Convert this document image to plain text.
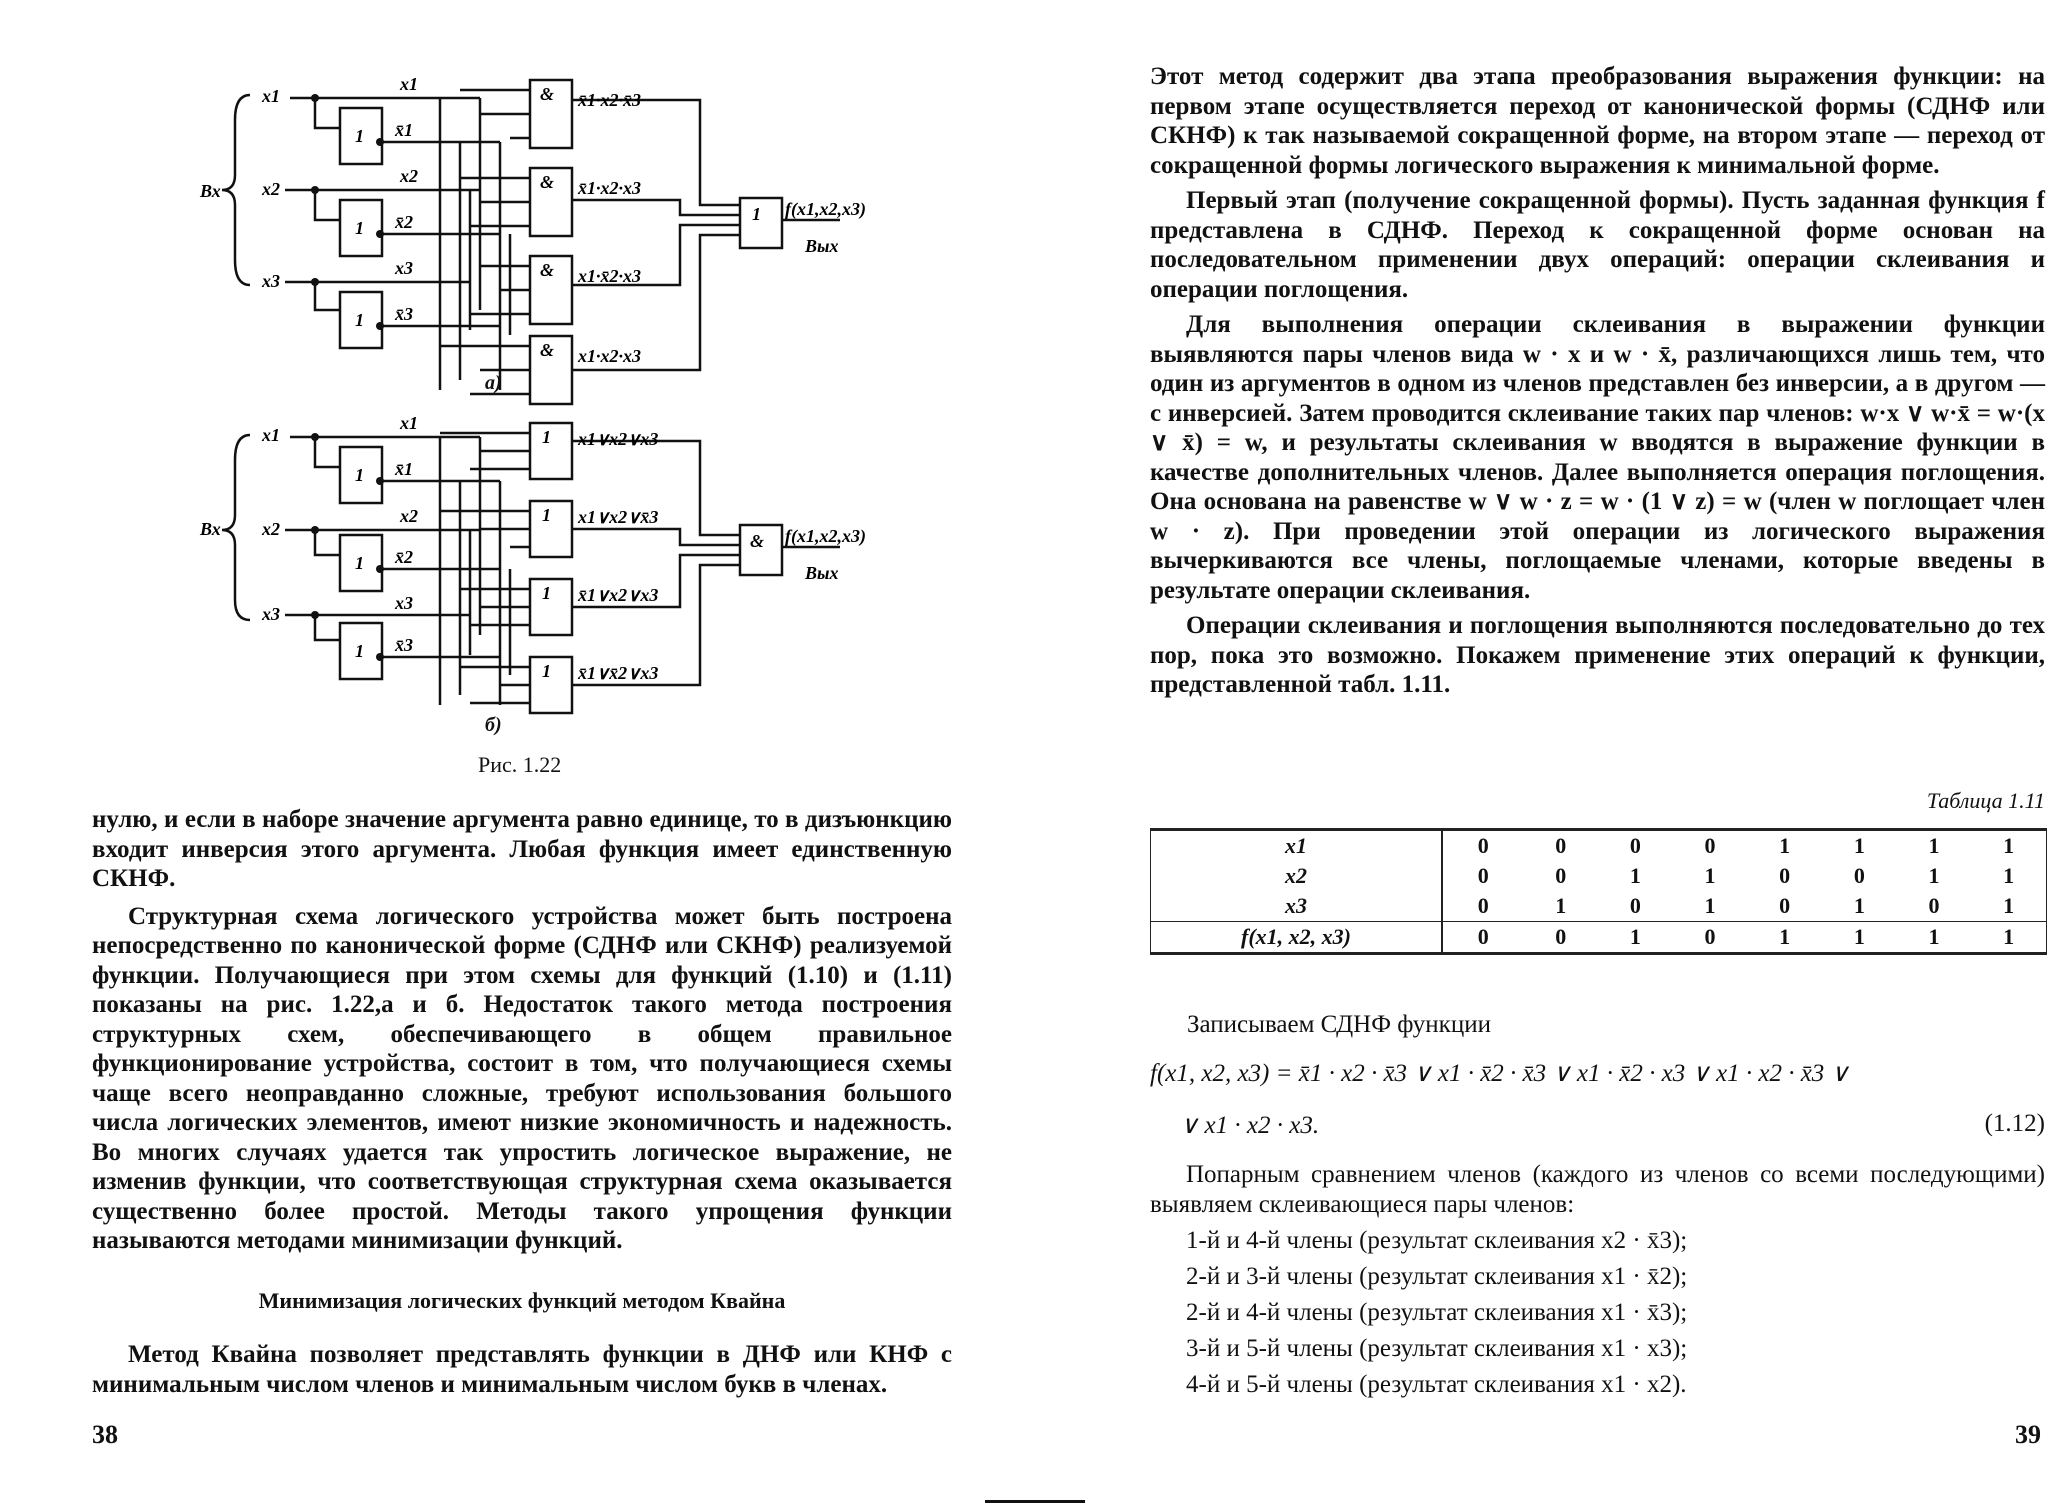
Вх
x1
x2
x3
x1
x̄1
x2
x̄2
x3
x̄3
1
1
1
&
&
&
&
x̄1·x2·x̄3
x̄1·x2·x3
x1·x̄2·x3
x1·x2·x3
1 f(x1,x2,x3)
Вых
а)
Вх
x1
x2
x3
x1
x̄1
x2
x̄2
x3
x̄3
1
1
1
1
1
1
1
x1∨x2∨x3
x1∨x2∨x̄3
x̄1∨x2∨x3
x̄1∨x̄2∨x3
& f(x1,x2,x3)
Вых
б)
Рис. 1.22

нулю, и если в наборе значение аргумента равно единице, то в дизъюнкцию входит инверсия этого аргумента. Любая функция имеет единственную СКНФ.

Структурная схема логического устройства может быть построена непосредственно по канонической форме (СДНФ или СКНФ) реализуемой функции. Получающиеся при этом схемы для функций (1.10) и (1.11) показаны на рис. 1.22,а и б. Недостаток такого метода построения структурных схем, обеспечивающего в общем правильное функционирование устройства, состоит в том, что получающиеся схемы чаще всего неоправданно сложные, требуют использования большого числа логических элементов, имеют низкие экономичность и надежность. Во многих случаях удается так упростить логическое выражение, не изменив функции, что соответствующая структурная схема оказывается существенно более простой. Методы такого упрощения функции называются методами минимизации функций.

Минимизация логических функций методом Квайна

Метод Квайна позволяет представлять функции в ДНФ или КНФ с минимальным числом членов и минимальным числом букв в членах.

38

Этот метод содержит два этапа преобразования выражения функции: на первом этапе осуществляется переход от канонической формы (СДНФ или СКНФ) к так называемой сокращенной форме, на втором этапе — переход от сокращенной формы логического выражения к минимальной форме.

Первый этап (получение сокращенной формы). Пусть заданная функция f представлена в СДНФ. Переход к сокращенной форме основан на последовательном применении двух операций: операции склеивания и операции поглощения.

Для выполнения операции склеивания в выражении функции выявляются пары членов вида w · x и w · x̄, различающихся лишь тем, что один из аргументов в одном из членов представлен без инверсии, а в другом — с инверсией. Затем проводится склеивание таких пар членов: w·x ∨ w·x̄ = w·(x ∨ x̄) = w, и результаты склеивания w вводятся в выражение функции в качестве дополнительных членов. Далее выполняется операция поглощения. Она основана на равенстве w ∨ w · z = w · (1 ∨ z) = w (член w поглощает член w · z). При проведении этой операции из логического выражения вычеркиваются все члены, поглощаемые членами, которые введены в результате операции склеивания.

Операции склеивания и поглощения выполняются последовательно до тех пор, пока это возможно. Покажем применение этих операций к функции, представленной табл. 1.11.

Таблица 1.11
x1	0	0	0	0	1	1	1	1
x2	0	0	1	1	0	0	1	1
x3	0	1	0	1	0	1	0	1
f(x1, x2, x3)	0	0	1	0	1	1	1	1

Записываем СДНФ функции

f(x1, x2, x3) = x̄1 · x2 · x̄3 ∨ x1 · x̄2 · x̄3 ∨ x1 · x̄2 · x3 ∨ x1 · x2 · x̄3 ∨
∨ x1 · x2 · x3.	(1.12)

Попарным сравнением членов (каждого из членов со всеми последующими) выявляем склеивающиеся пары членов:

1-й и 4-й члены (результат склеивания x2 · x̄3);

2-й и 3-й члены (результат склеивания x1 · x̄2);

2-й и 4-й члены (результат склеивания x1 · x̄3);

3-й и 5-й члены (результат склеивания x1 · x3);

4-й и 5-й члены (результат склеивания x1 · x2).

39
